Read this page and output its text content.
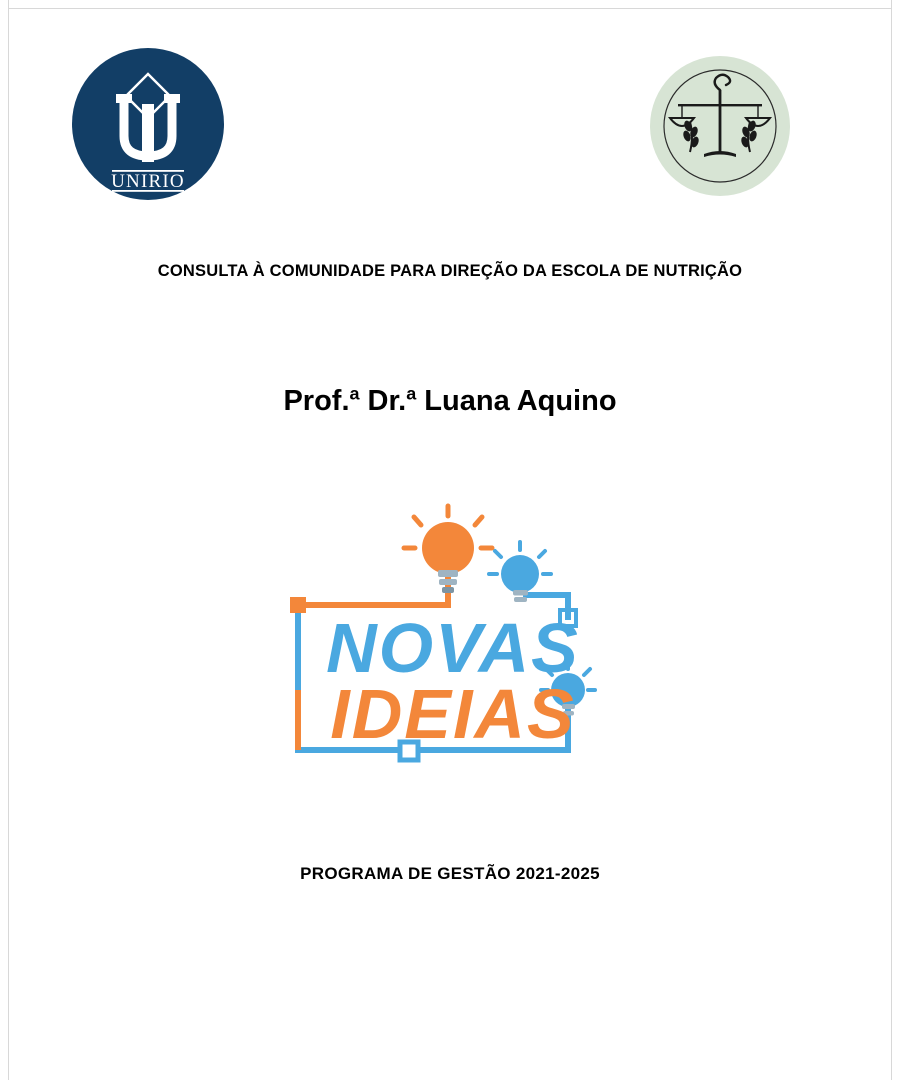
UNIRIO
CONSULTA À COMUNIDADE PARA DIREÇÃO DA ESCOLA DE NUTRIÇÃO
Prof.$^a$ Dr.$^a$ Luana Aquino
NOVAS
IDEIAS
PROGRAMA DE GESTÃO 2021-2025
